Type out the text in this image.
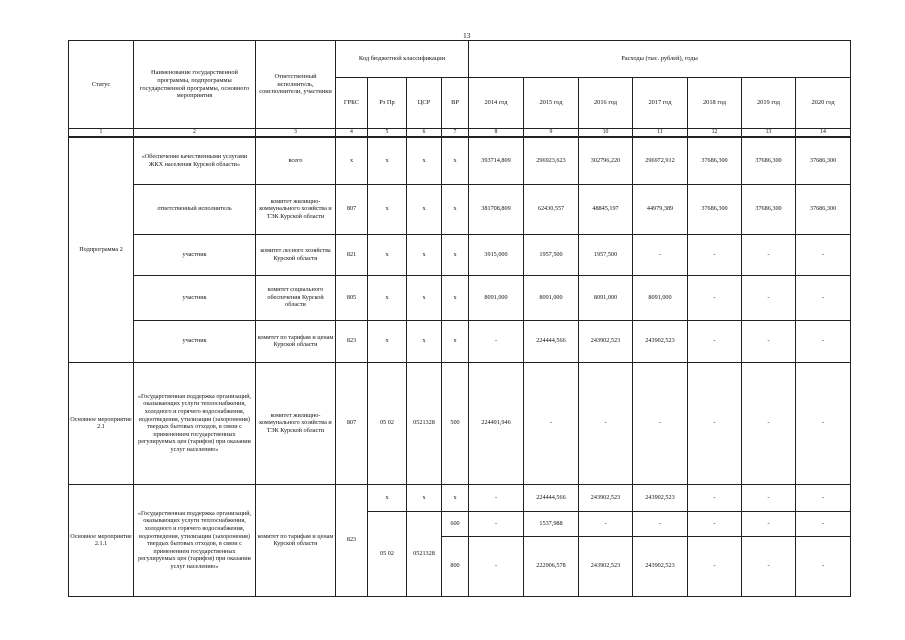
13
Статус	Наименование государственной программы, подпрограммы государственной программы, основного мероприятия	Ответственный исполнитель, соисполнители, участники	Код бюджетной классификации				Расходы (тыс. рублей), годы						
			ГРБС	Рз Пр	ЦСР	ВР	2014 год	2015 год	2016 год	2017 год	2018 год	2019 год	2020 год
1	2	3	4	5	6	7	8	9	10	11	12	13	14
Подпрограмма 2	«Обеспечение качественными услугами ЖКХ населения Курской области»	всего	х	х	х	х	393714,809	296923,623	302796,220	296972,912	37686,300	37686,300	37686,300
	ответственный исполнитель	комитет жилищно-коммунального хозяйства и ТЭК Курской области	807	х	х	х	381708,809	62430,557	48845,197	44979,389	37686,300	37686,300	37686,300
	участник	комитет лесного хозяйства Курской области	821	х	х	х	3915,000	1957,500	1957,500	-	-	-	-
	участник	комитет социального обеспечения Курской области	805	х	х	х	8091,000	8091,000	8091,000	8091,000	-	-	-
	участник	комитет по тарифам и ценам Курской области	823	х	х	х	-	224444,566	243902,523	243902,523	-	-	-
Основное мероприятие 2.1	«Государственная поддержка организаций, оказывающих услуги теплоснабжения, холодного и горячего водоснабжения, водоотведения, утилизации (захоронения) твердых бытовых отходов, в связи с применением государственных регулируемых цен (тарифов) при оказании услуг населению»	комитет жилищно-коммунального хозяйства и ТЭК Курской области	807	05 02	0521328	500	224491,946	-	-	-	-	-	-
Основное мероприятие 2.1.1	«Государственная поддержка организаций, оказывающих услуги теплоснабжения, холодного и горячего водоснабжения, водоотведения, утилизации (захоронения) твердых бытовых отходов, в связи с применением государственных регулируемых цен (тарифов) при оказании услуг населению»	комитет по тарифам и ценам Курской области	823	х	х	х	-	224444,566	243902,523	243902,523	-	-	-
				05 02	0521328	600	-	1537,988	-	-	-	-	-
						800	-	222906,578	243902,523	243902,523	-	-	-
